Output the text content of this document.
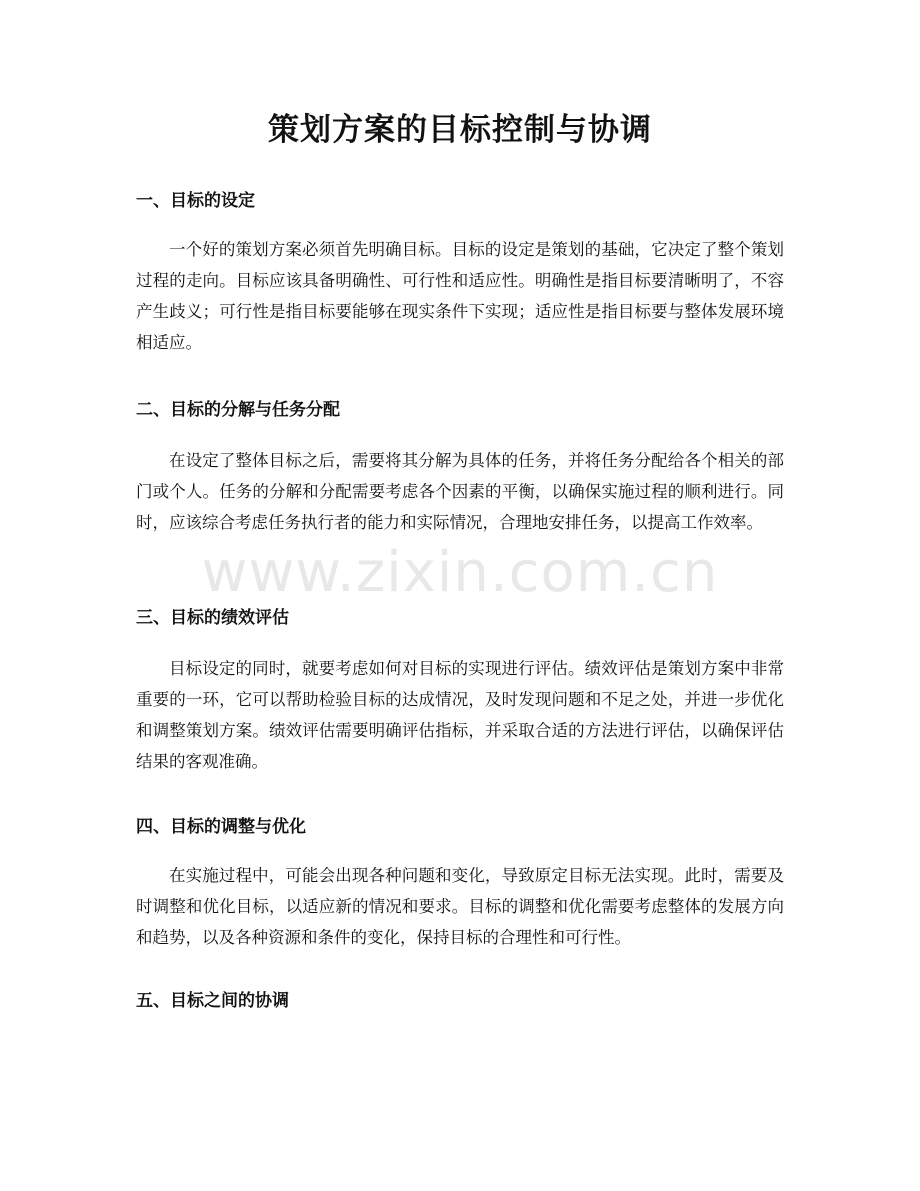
策划方案的目标控制与协调
一、目标的设定

一个好的策划方案必须首先明确目标。目标的设定是策划的基础，它决定了整个策划过程的走向。目标应该具备明确性、可行性和适应性。明确性是指目标要清晰明了，不容产生歧义；可行性是指目标要能够在现实条件下实现；适应性是指目标要与整体发展环境相适应。

二、目标的分解与任务分配

在设定了整体目标之后，需要将其分解为具体的任务，并将任务分配给各个相关的部门或个人。任务的分解和分配需要考虑各个因素的平衡，以确保实施过程的顺利进行。同时，应该综合考虑任务执行者的能力和实际情况，合理地安排任务，以提高工作效率。

三、目标的绩效评估

目标设定的同时，就要考虑如何对目标的实现进行评估。绩效评估是策划方案中非常重要的一环，它可以帮助检验目标的达成情况，及时发现问题和不足之处，并进一步优化和调整策划方案。绩效评估需要明确评估指标，并采取合适的方法进行评估，以确保评估结果的客观准确。

四、目标的调整与优化

在实施过程中，可能会出现各种问题和变化，导致原定目标无法实现。此时，需要及时调整和优化目标，以适应新的情况和要求。目标的调整和优化需要考虑整体的发展方向和趋势，以及各种资源和条件的变化，保持目标的合理性和可行性。

五、目标之间的协调
www.zixin.com.cn
